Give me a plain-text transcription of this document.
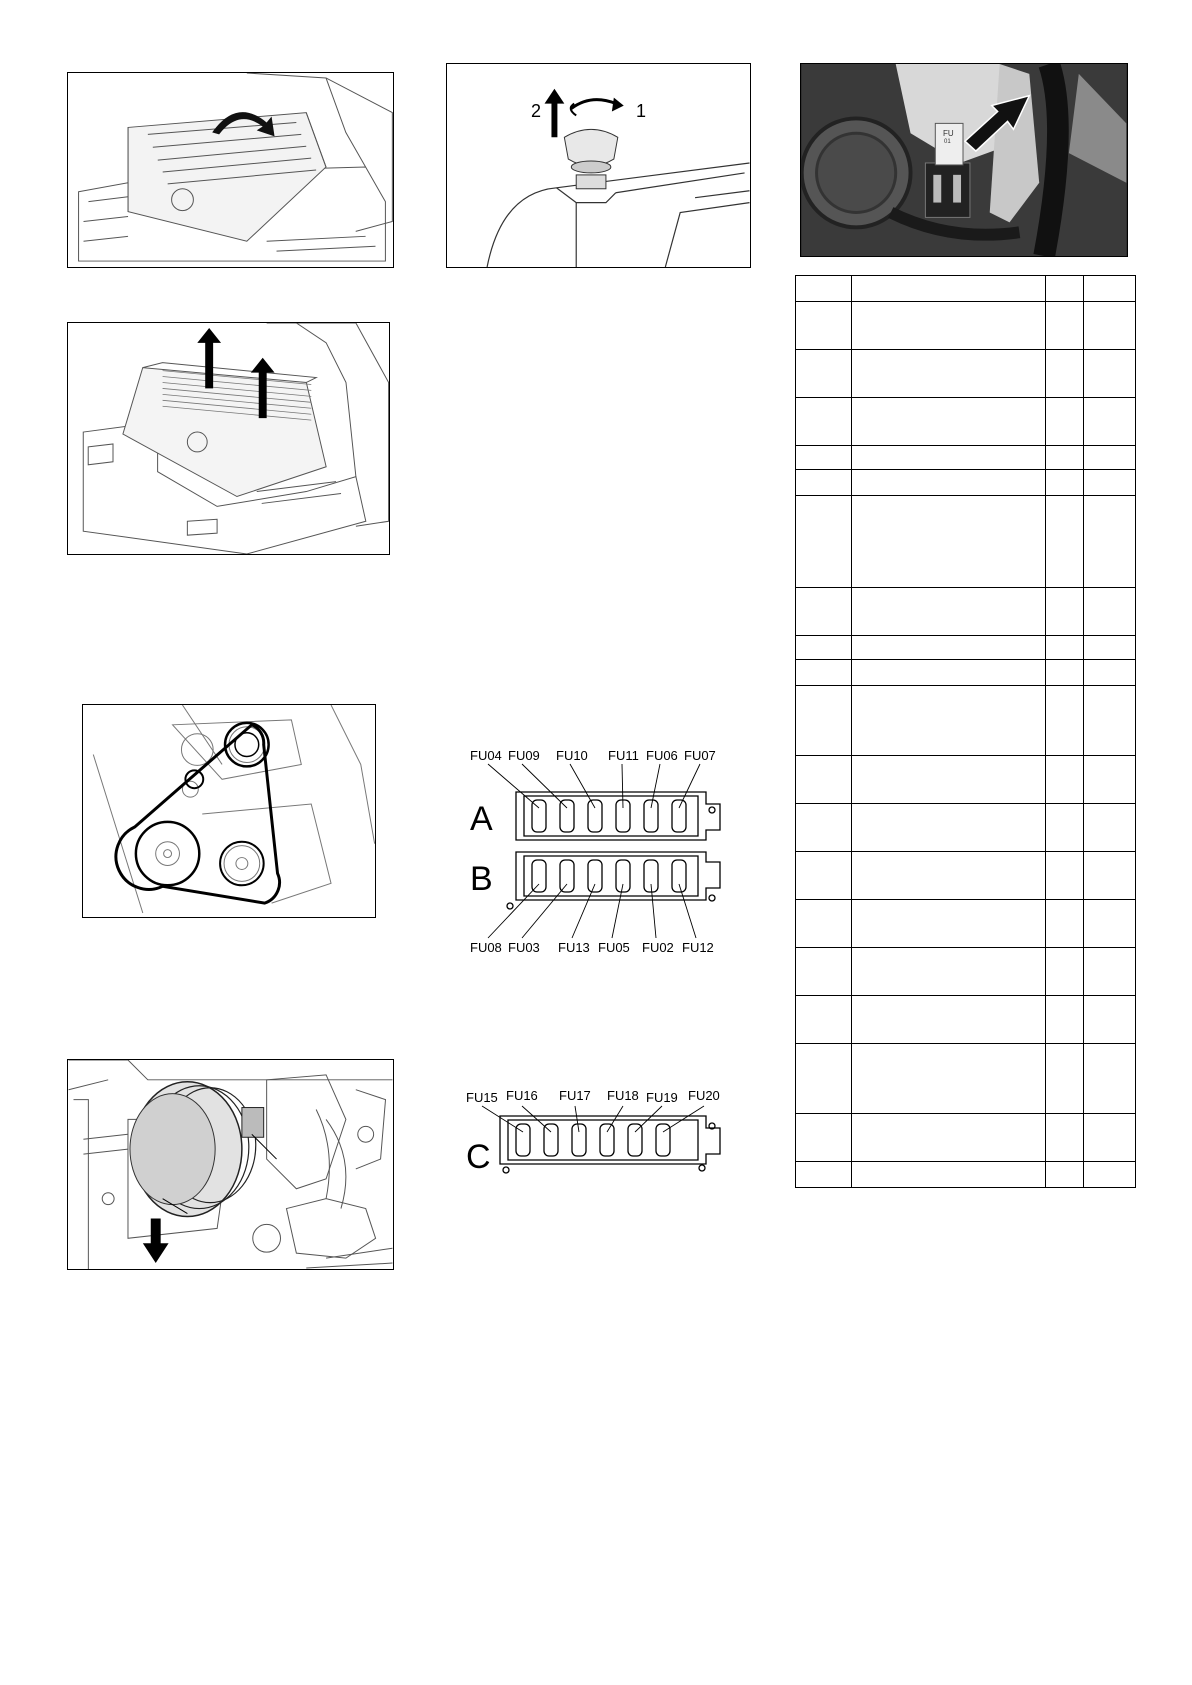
2	1
FU
01
A
B
FU04 FU09 FU10 FU11 FU06 FU07
FU08 FU03 FU13 FU05 FU02 FU12
C
FU15 FU16 FU17 FU18 FU19 FU20
